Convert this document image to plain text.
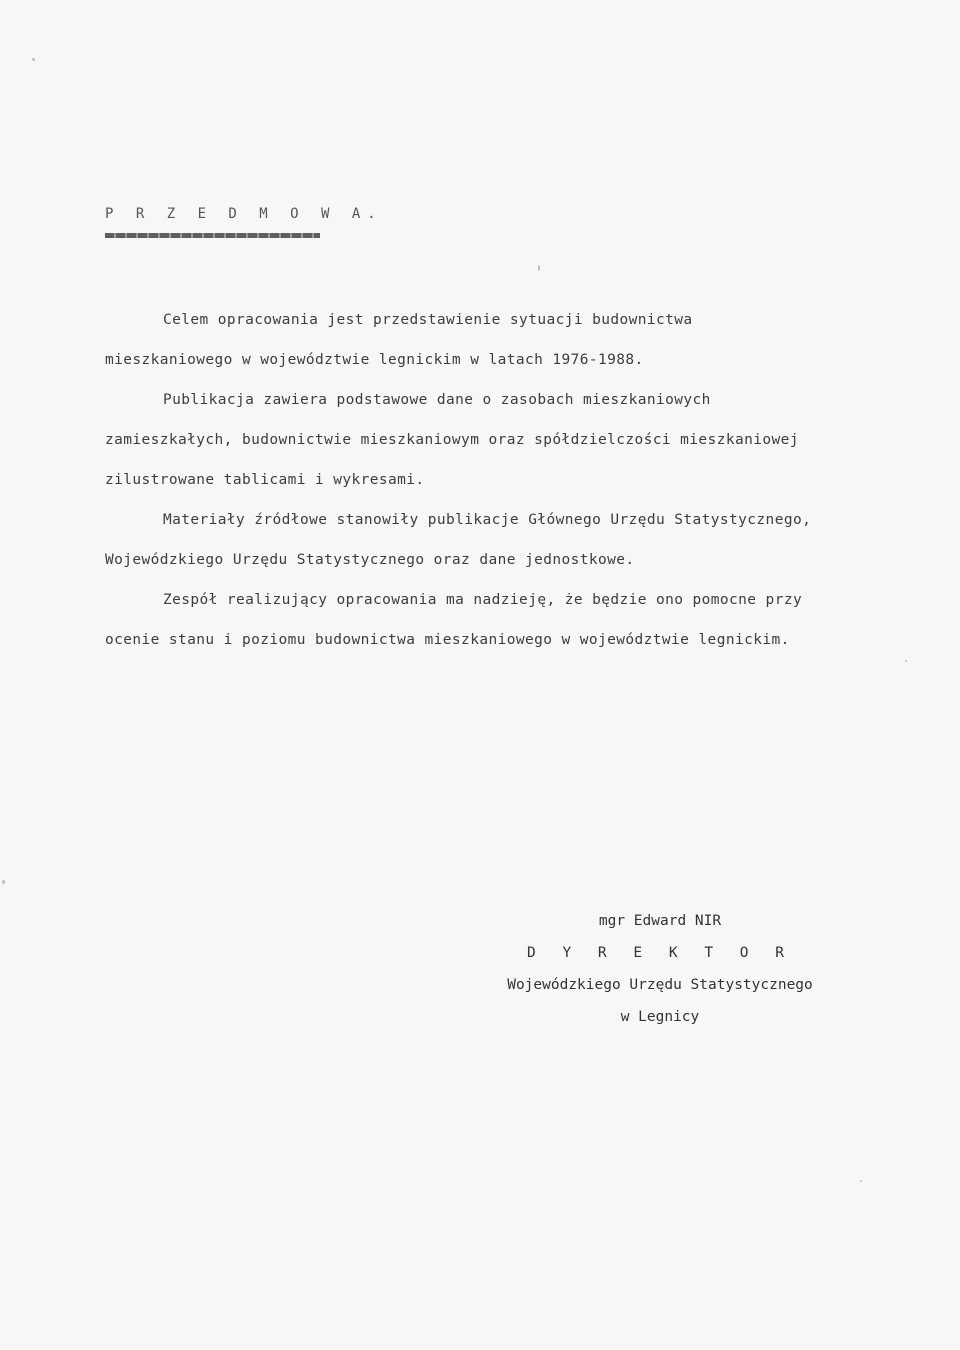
P R Z E D M O W A.

Celem opracowania jest przedstawienie sytuacji budownictwa mieszkaniowego w województwie legnickim w latach 1976-1988.

Publikacja zawiera podstawowe dane o zasobach mieszkaniowych zamieszkałych, budownictwie mieszkaniowym oraz spółdzielczości mieszkaniowej zilustrowane tablicami i wykresami.

Materiały źródłowe stanowiły publikacje Głównego Urzędu Statystycznego, Wojewódzkiego Urzędu Statystycznego oraz dane jednostkowe.

Zespół realizujący opracowania ma nadzieję, że będzie ono pomocne przy ocenie stanu i poziomu budownictwa mieszkaniowego w województwie legnickim.

mgr Edward NIR
D Y R E K T O R
Wojewódzkiego Urzędu Statystycznego
w Legnicy
